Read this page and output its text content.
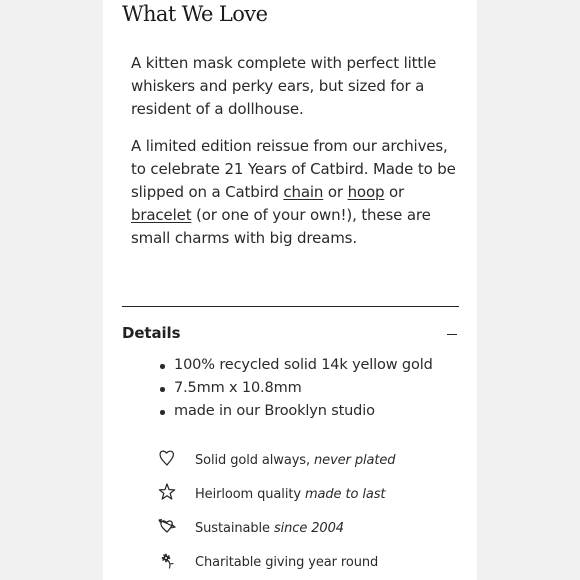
What We Love

A kitten mask complete with perfect little whiskers and perky ears, but sized for a resident of a dollhouse.

A limited edition reissue from our archives, to celebrate 21 Years of Catbird. Made to be slipped on a Catbird chain or hoop or bracelet (or one of your own!), these are small charms with big dreams.

Details
100% recycled solid 14k yellow gold
7.5mm x 10.8mm
made in our Brooklyn studio
Solid gold always, never plated
Heirloom quality made to last
Sustainable since 2004
Charitable giving year round
